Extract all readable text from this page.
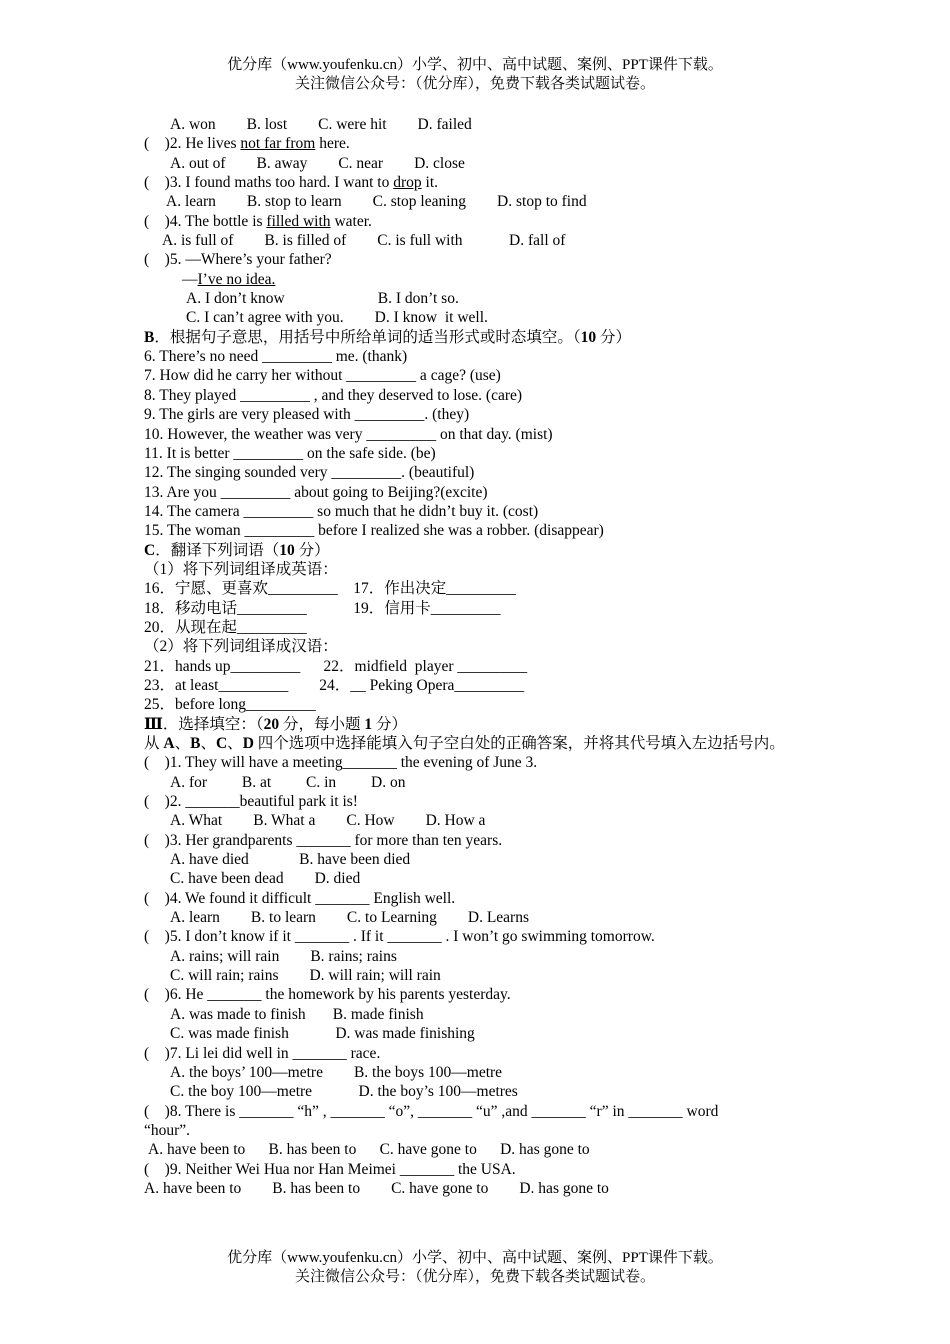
优分库（www.youfenku.cn）小学、初中、高中试题、案例、PPT课件下载。
关注微信公众号：（优分库），免费下载各类试题试卷。
A. won        B. lost        C. were hit        D. failed
(    )2. He lives not far from here.
A. out of        B. away        C. near        D. close
(    )3. I found maths too hard. I want to drop it.
A. learn        B. stop to learn        C. stop leaning        D. stop to find
(    )4. The bottle is filled with water.
A. is full of        B. is filled of        C. is full with            D. fall of
(    )5. —Where’s your father?
—I’ve no idea.
A. I don’t know                        B. I don’t so.
C. I can’t agree with you.        D. I know  it well.
B．根据句子意思，用括号中所给单词的适当形式或时态填空。（10 分）
6. There’s no need _________ me. (thank)
7. How did he carry her without _________ a cage? (use)
8. They played _________ , and they deserved to lose. (care)
9. The girls are very pleased with _________. (they)
10. However, the weather was very _________ on that day. (mist)
11. It is better _________ on the safe side. (be)
12. The singing sounded very _________. (beautiful)
13. Are you _________ about going to Beijing?(excite)
14. The camera _________ so much that he didn’t buy it. (cost)
15. The woman _________ before I realized she was a robber. (disappear)
C．翻译下列词语（10 分）
（1）将下列词组译成英语：
16．宁愿、更喜欢_________    17．作出决定_________
18．移动电话_________            19．信用卡_________
20．从现在起_________
（2）将下列词组译成汉语：
21．hands up_________      22．midfield  player _________
23．at least_________        24．__ Peking Opera_________
25．before long_________
Ⅲ．选择填空：（20 分，每小题 1 分）
从 A、B、C、D 四个选项中选择能填入句子空白处的正确答案，并将其代号填入左边括号内。
(    )1. They will have a meeting_______ the evening of June 3.
A. for         B. at         C. in         D. on
(    )2. _______beautiful park it is!
A. What        B. What a        C. How        D. How a
(    )3. Her grandparents _______ for more than ten years.
A. have died             B. have been died
C. have been dead        D. died
(    )4. We found it difficult _______ English well.
A. learn        B. to learn        C. to Learning        D. Learns
(    )5. I don’t know if it _______ . If it _______ . I won’t go swimming tomorrow.
A. rains; will rain        B. rains; rains
C. will rain; rains        D. will rain; will rain
(    )6. He _______ the homework by his parents yesterday.
A. was made to finish       B. made finish
C. was made finish            D. was made finishing
(    )7. Li lei did well in _______ race.
A. the boys’ 100—metre        B. the boys 100—metre
C. the boy 100—metre            D. the boy’s 100—metres
(    )8. There is _______ “h” , _______ “o”, _______ “u” ,and _______ “r” in _______ word
“hour”.
A. have been to      B. has been to      C. have gone to      D. has gone to
(    )9. Neither Wei Hua nor Han Meimei _______ the USA.
A. have been to        B. has been to        C. have gone to        D. has gone to
优分库（www.youfenku.cn）小学、初中、高中试题、案例、PPT课件下载。
关注微信公众号：（优分库），免费下载各类试题试卷。
